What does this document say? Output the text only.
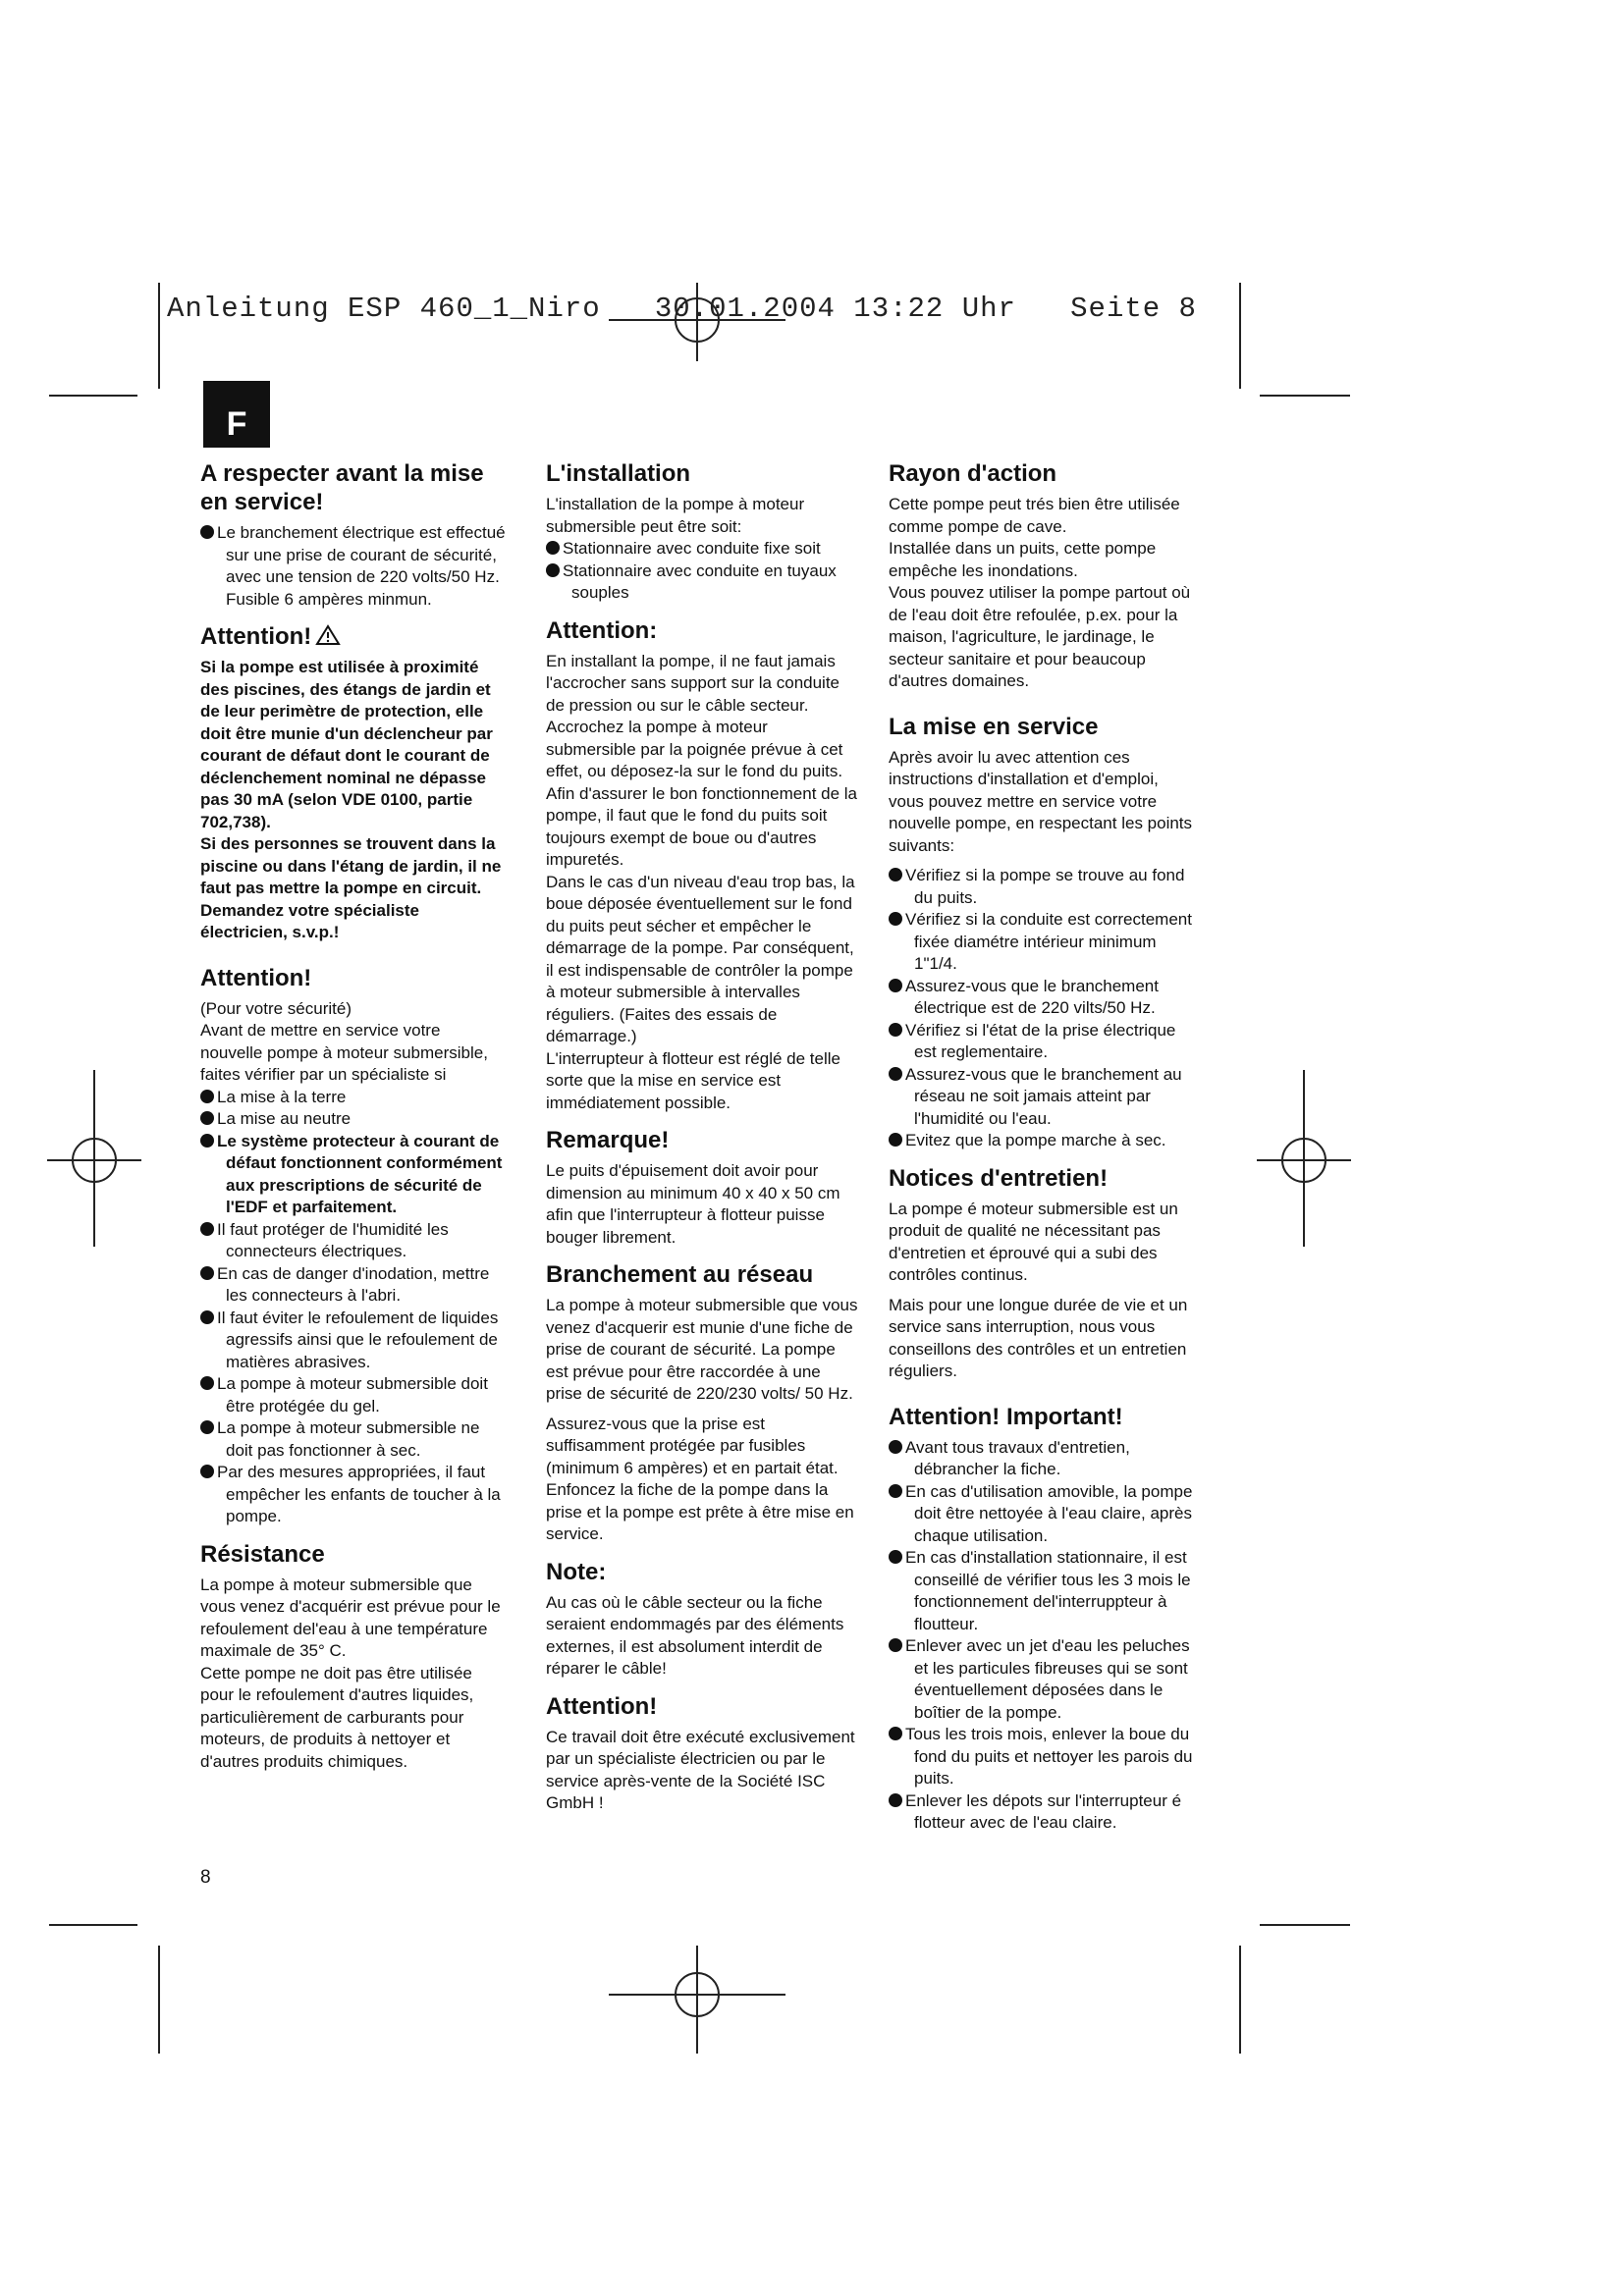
Anleitung ESP 460_1_Niro   30.01.2004 13:22 Uhr   Seite 8
F
A respecter avant la mise en service!
Le branchement électrique est effectué sur une prise de courant de sécurité, avec une tension de 220 volts/50 Hz. Fusible 6 ampères minmun.
Attention!

Si la pompe est utilisée à proximité des piscines, des étangs de jardin et de leur perimètre de protection, elle doit être munie d'un déclencheur par courant de défaut dont le courant de déclenchement nominal ne dépasse pas 30 mA (selon VDE 0100, partie 702,738).

Si des personnes se trouvent dans la piscine ou dans l'étang de jardin, il ne faut pas mettre la pompe en circuit.

Demandez votre spécialiste électricien, s.v.p.!

Attention!

(Pour votre sécurité)

Avant de mettre en service votre nouvelle pompe à moteur submersible, faites vérifier par un spécialiste si

La mise à la terre
La mise au neutre
Le système protecteur à courant de défaut fonctionnent conformément aux prescriptions de sécurité de l'EDF et parfaitement.
Il faut protéger de l'humidité les connecteurs électriques.
En cas de danger d'inodation, mettre les connecteurs à l'abri.
Il faut éviter le refoulement de liquides agressifs ainsi que le refoulement de matières abrasives.
La pompe à moteur submersible doit être protégée du gel.
La pompe à moteur submersible ne doit pas fonctionner à sec.
Par des mesures appropriées, il faut empêcher les enfants de toucher à la pompe.
Résistance

La pompe à moteur submersible que vous venez d'acquérir est prévue pour le refoulement del'eau à une température maximale de 35° C.

Cette pompe ne doit pas être utilisée pour le refoulement d'autres liquides, particulièrement de carburants pour moteurs, de produits à nettoyer et d'autres produits chimiques.

L'installation

L'installation de la pompe à moteur submersible peut être soit:

Stationnaire avec conduite fixe soit
Stationnaire avec conduite en tuyaux souples
Attention:

En installant la pompe, il ne faut jamais l'accrocher sans support sur la conduite de pression ou sur le câble secteur. Accrochez la pompe à moteur submersible par la poignée prévue à cet effet, ou déposez-la sur le fond du puits. Afin d'assurer le bon fonctionnement de la pompe, il faut que le fond du puits soit toujours exempt de boue ou d'autres impuretés.

Dans le cas d'un niveau d'eau trop bas, la boue déposée éventuellement sur le fond du puits peut sécher et empêcher le démarrage de la pompe. Par conséquent, il est indispensable de contrôler la pompe à moteur submersible à intervalles réguliers. (Faites des essais de démarrage.)

L'interrupteur à flotteur est réglé de telle sorte que la mise en service est immédiatement possible.

Remarque!

Le puits d'épuisement doit avoir pour dimension au minimum 40 x 40 x 50 cm afin que l'interrupteur à flotteur puisse bouger librement.

Branchement au réseau

La pompe à moteur submersible que vous venez d'acquerir est munie d'une fiche de prise de courant de sécurité. La pompe est prévue pour être raccordée à une prise de sécurité de 220/230 volts/ 50 Hz.

Assurez-vous que la prise est suffisamment protégée par fusibles (minimum 6 ampères) et en partait état. Enfoncez la fiche de la pompe dans la prise et la pompe est prête à être mise en service.

Note:

Au cas où le câble secteur ou la fiche seraient endommagés par des éléments externes, il est absolument interdit de réparer le câble!

Attention!

Ce travail doit être exécuté exclusivement par un spécialiste électricien ou par le service après-vente de la Société ISC GmbH !

Rayon d'action

Cette pompe peut trés bien être utilisée comme pompe de cave.

Installée dans un puits, cette pompe empêche les inondations.

Vous pouvez utiliser la pompe partout où de l'eau doit être refoulée, p.ex. pour la maison, l'agriculture, le jardinage, le secteur sanitaire et pour beaucoup d'autres domaines.

La mise en service

Après avoir lu avec attention ces instructions d'installation et d'emploi, vous pouvez mettre en service votre nouvelle pompe, en respectant les points suivants:

Vérifiez si la pompe se trouve au fond du puits.
Vérifiez si la conduite est correctement fixée diamétre intérieur minimum 1"1/4.
Assurez-vous que le branchement électrique est de 220 vilts/50 Hz.
Vérifiez si l'état de la prise électrique est reglementaire.
Assurez-vous que le branchement au réseau ne soit jamais atteint par l'humidité ou l'eau.
Evitez que la pompe marche à sec.
Notices d'entretien!

La pompe é moteur submersible est un produit de qualité ne nécessitant pas d'entretien et éprouvé qui a subi des contrôles continus.

Mais pour une longue durée de vie et un service sans interruption, nous vous conseillons des contrôles et un entretien réguliers.

Attention! Important!
Avant tous travaux d'entretien, débrancher la fiche.
En cas d'utilisation amovible, la pompe doit être nettoyée à l'eau claire, après chaque utilisation.
En cas d'installation stationnaire, il est conseillé de vérifier tous les 3 mois le fonctionnement del'interruppteur à floutteur.
Enlever avec un jet d'eau les peluches et les particules fibreuses qui se sont éventuellement déposées dans le boîtier de la pompe.
Tous les trois mois, enlever la boue du fond du puits et nettoyer les parois du puits.
Enlever les dépots sur l'interrupteur é flotteur avec de l'eau claire.
8
